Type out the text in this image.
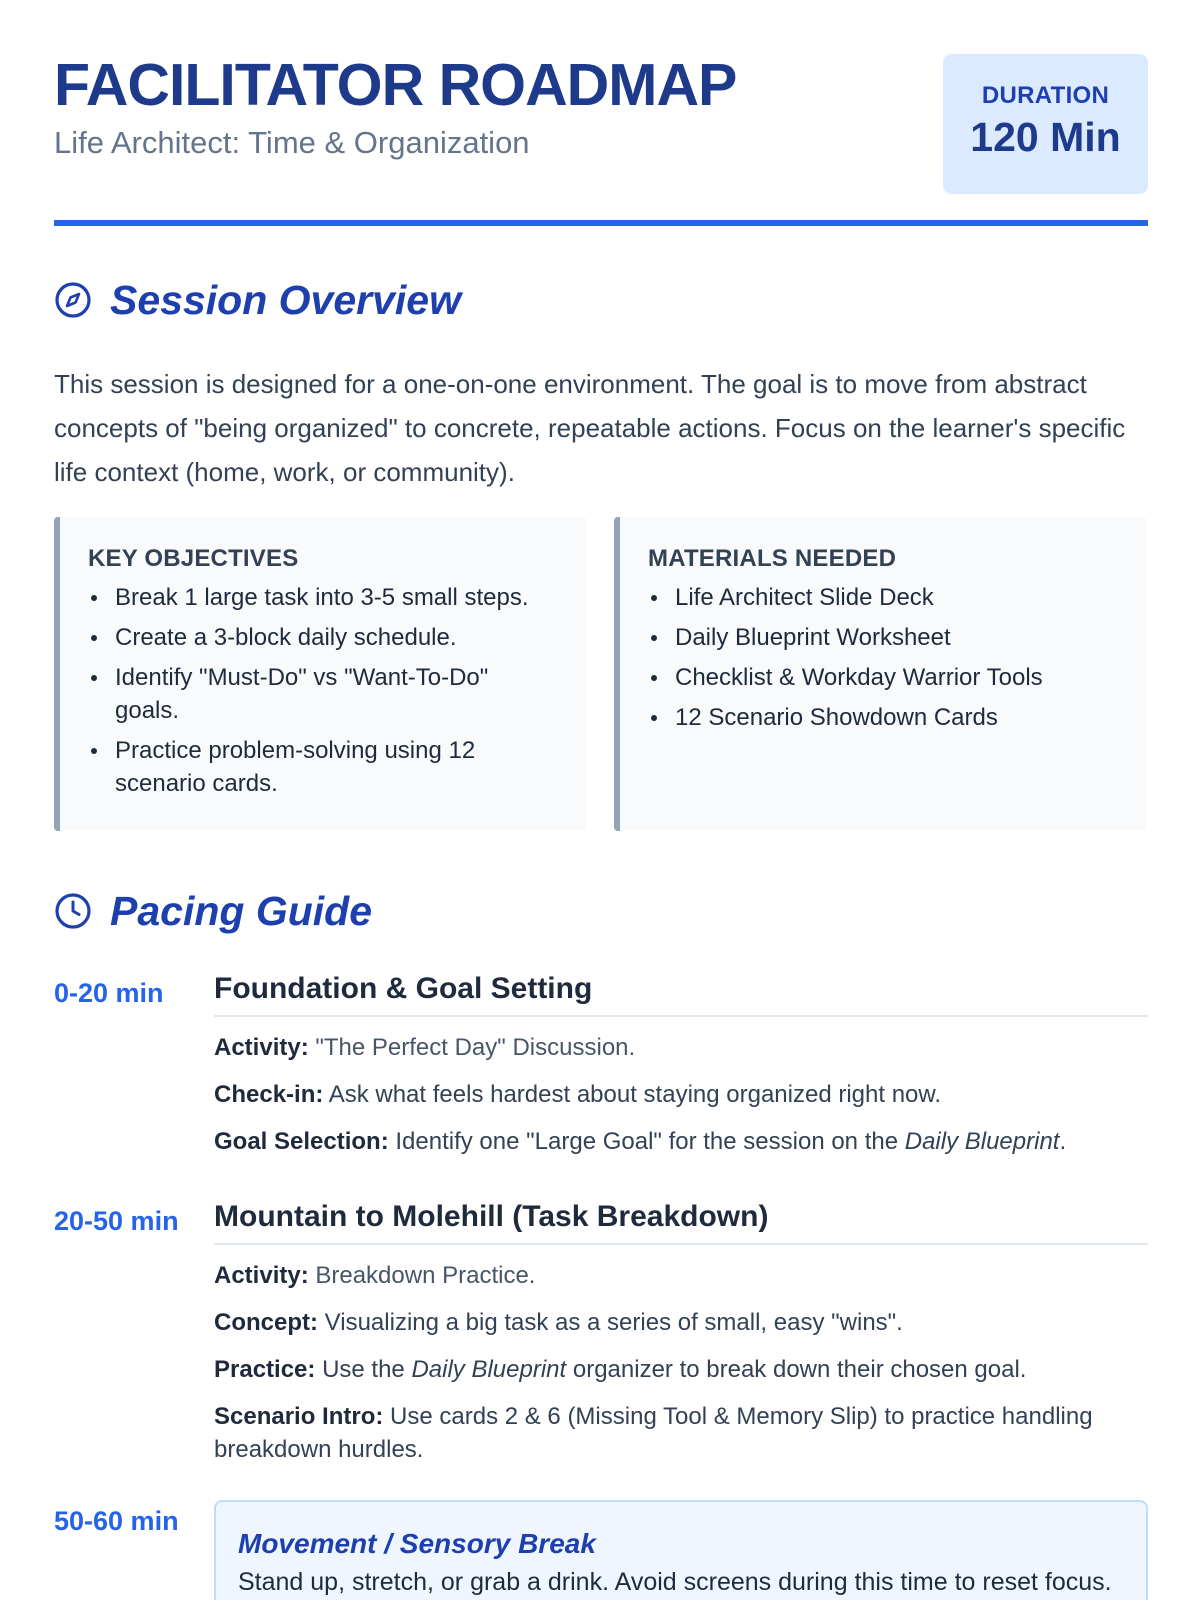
FACILITATOR ROADMAP
Life Architect: Time & Organization
DURATION
120 Min
Session Overview

This session is designed for a one-on-one environment. The goal is to move from abstract concepts of "being organized" to concrete, repeatable actions. Focus on the learner's specific life context (home, work, or community).

KEY OBJECTIVES
Break 1 large task into 3-5 small steps.
Create a 3-block daily schedule.
Identify "Must-Do" vs "Want-To-Do" goals.
Practice problem-solving using 12 scenario cards.
MATERIALS NEEDED
Life Architect Slide Deck
Daily Blueprint Worksheet
Checklist & Workday Warrior Tools
12 Scenario Showdown Cards
Pacing Guide
0-20 min Foundation & Goal Setting
Activity: "The Perfect Day" Discussion.
Check-in: Ask what feels hardest about staying organized right now.
Goal Selection: Identify one "Large Goal" for the session on the Daily Blueprint.
20-50 min Mountain to Molehill (Task Breakdown)
Activity: Breakdown Practice.
Concept: Visualizing a big task as a series of small, easy "wins".
Practice: Use the Daily Blueprint organizer to break down their chosen goal.
Scenario Intro: Use cards 2 & 6 (Missing Tool & Memory Slip) to practice handling breakdown hurdles.
50-60 min
Movement / Sensory Break
Stand up, stretch, or grab a drink. Avoid screens during this time to reset focus.
